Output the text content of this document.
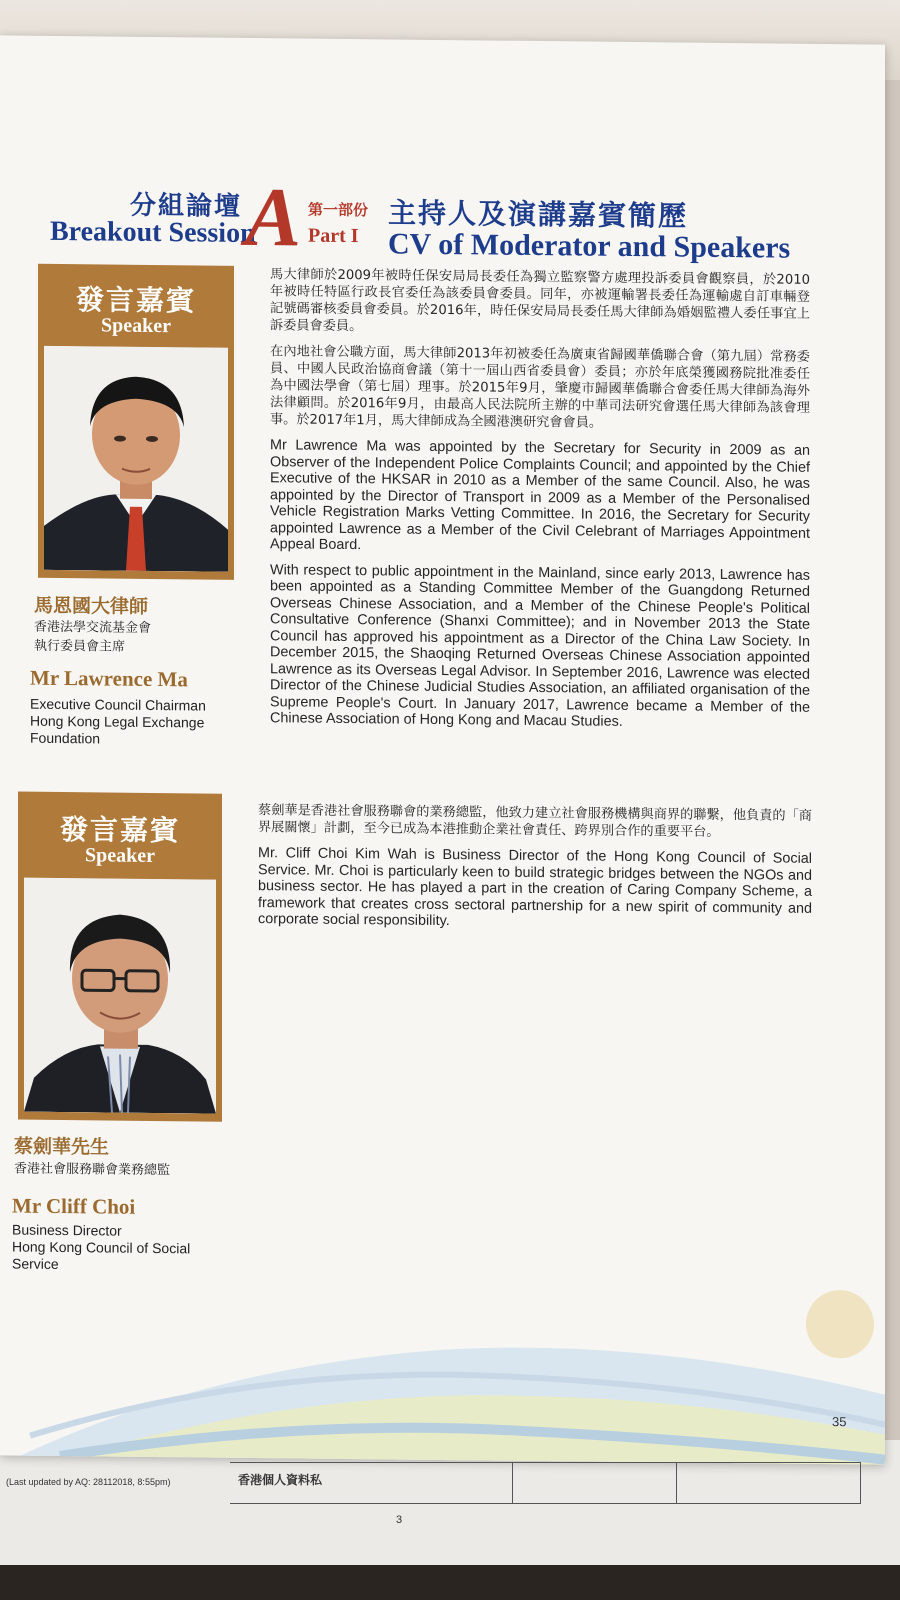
分組論壇
Breakout Session
A 第一部份
Part I
主持人及演講嘉賓簡歷
CV of Moderator and Speakers
發言嘉賓
Speaker
馬恩國大律師
香港法學交流基金會
執行委員會主席
Mr Lawrence Ma
Executive Council Chairman
Hong Kong Legal Exchange
Foundation

馬大律師於2009年被時任保安局局長委任為獨立監察警方處理投訴委員會觀察員，於2010年被時任特區行政長官委任為該委員會委員。同年，亦被運輸署長委任為運輸處自訂車輛登記號碼審核委員會委員。於2016年，時任保安局局長委任馬大律師為婚姻監禮人委任事宜上訴委員會委員。

在內地社會公職方面，馬大律師2013年初被委任為廣東省歸國華僑聯合會（第九屆）常務委員、中國人民政治協商會議（第十一屆山西省委員會）委員；亦於年底榮獲國務院批准委任為中國法學會（第七屆）理事。於2015年9月，肇慶市歸國華僑聯合會委任馬大律師為海外法律顧問。於2016年9月，由最高人民法院所主辦的中華司法研究會選任馬大律師為該會理事。於2017年1月，馬大律師成為全國港澳研究會會員。

Mr Lawrence Ma was appointed by the Secretary for Security in 2009 as an Observer of the Independent Police Complaints Council; and appointed by the Chief Executive of the HKSAR in 2010 as a Member of the same Council. Also, he was appointed by the Director of Transport in 2009 as a Member of the Personalised Vehicle Registration Marks Vetting Committee. In 2016, the Secretary for Security appointed Lawrence as a Member of the Civil Celebrant of Marriages Appointment Appeal Board.

With respect to public appointment in the Mainland, since early 2013, Lawrence has been appointed as a Standing Committee Member of the Guangdong Returned Overseas Chinese Association, and a Member of the Chinese People's Political Consultative Conference (Shanxi Committee); and in November 2013 the State Council has approved his appointment as a Director of the China Law Society. In December 2015, the Shaoqing Returned Overseas Chinese Association appointed Lawrence as its Overseas Legal Advisor. In September 2016, Lawrence was elected Director of the Chinese Judicial Studies Association, an affiliated organisation of the Supreme People's Court. In January 2017, Lawrence became a Member of the Chinese Association of Hong Kong and Macau Studies.

發言嘉賓
Speaker
蔡劍華先生
香港社會服務聯會業務總監
Mr Cliff Choi
Business Director
Hong Kong Council of Social
Service

蔡劍華是香港社會服務聯會的業務總監，他致力建立社會服務機構與商界的聯繫，他負責的「商界展關懷」計劃，至今已成為本港推動企業社會責任、跨界別合作的重要平台。

Mr. Cliff Choi Kim Wah is Business Director of the Hong Kong Council of Social Service. Mr. Choi is particularly keen to build strategic bridges between the NGOs and business sector. He has played a part in the creation of Caring Company Scheme, a framework that creates cross sectoral partnership for a new spirit of community and corporate social responsibility.

35
(Last updated by AQ: 28112018, 8:55pm)	香港個人資料私
3
